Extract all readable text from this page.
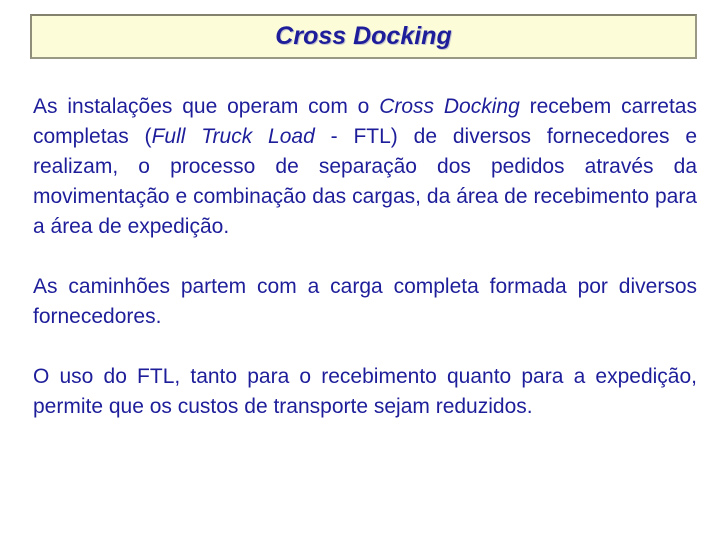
Cross Docking

As instalações que operam com o Cross Docking recebem carretas completas (Full Truck Load - FTL) de diversos fornecedores e realizam, o processo de separação dos pedidos através da movimentação e combinação das cargas, da área de recebimento para a área de expedição.

As caminhões partem com a carga completa formada por diversos fornecedores.

O uso do FTL, tanto para o recebimento quanto para a expedição, permite que os custos de transporte sejam reduzidos.
